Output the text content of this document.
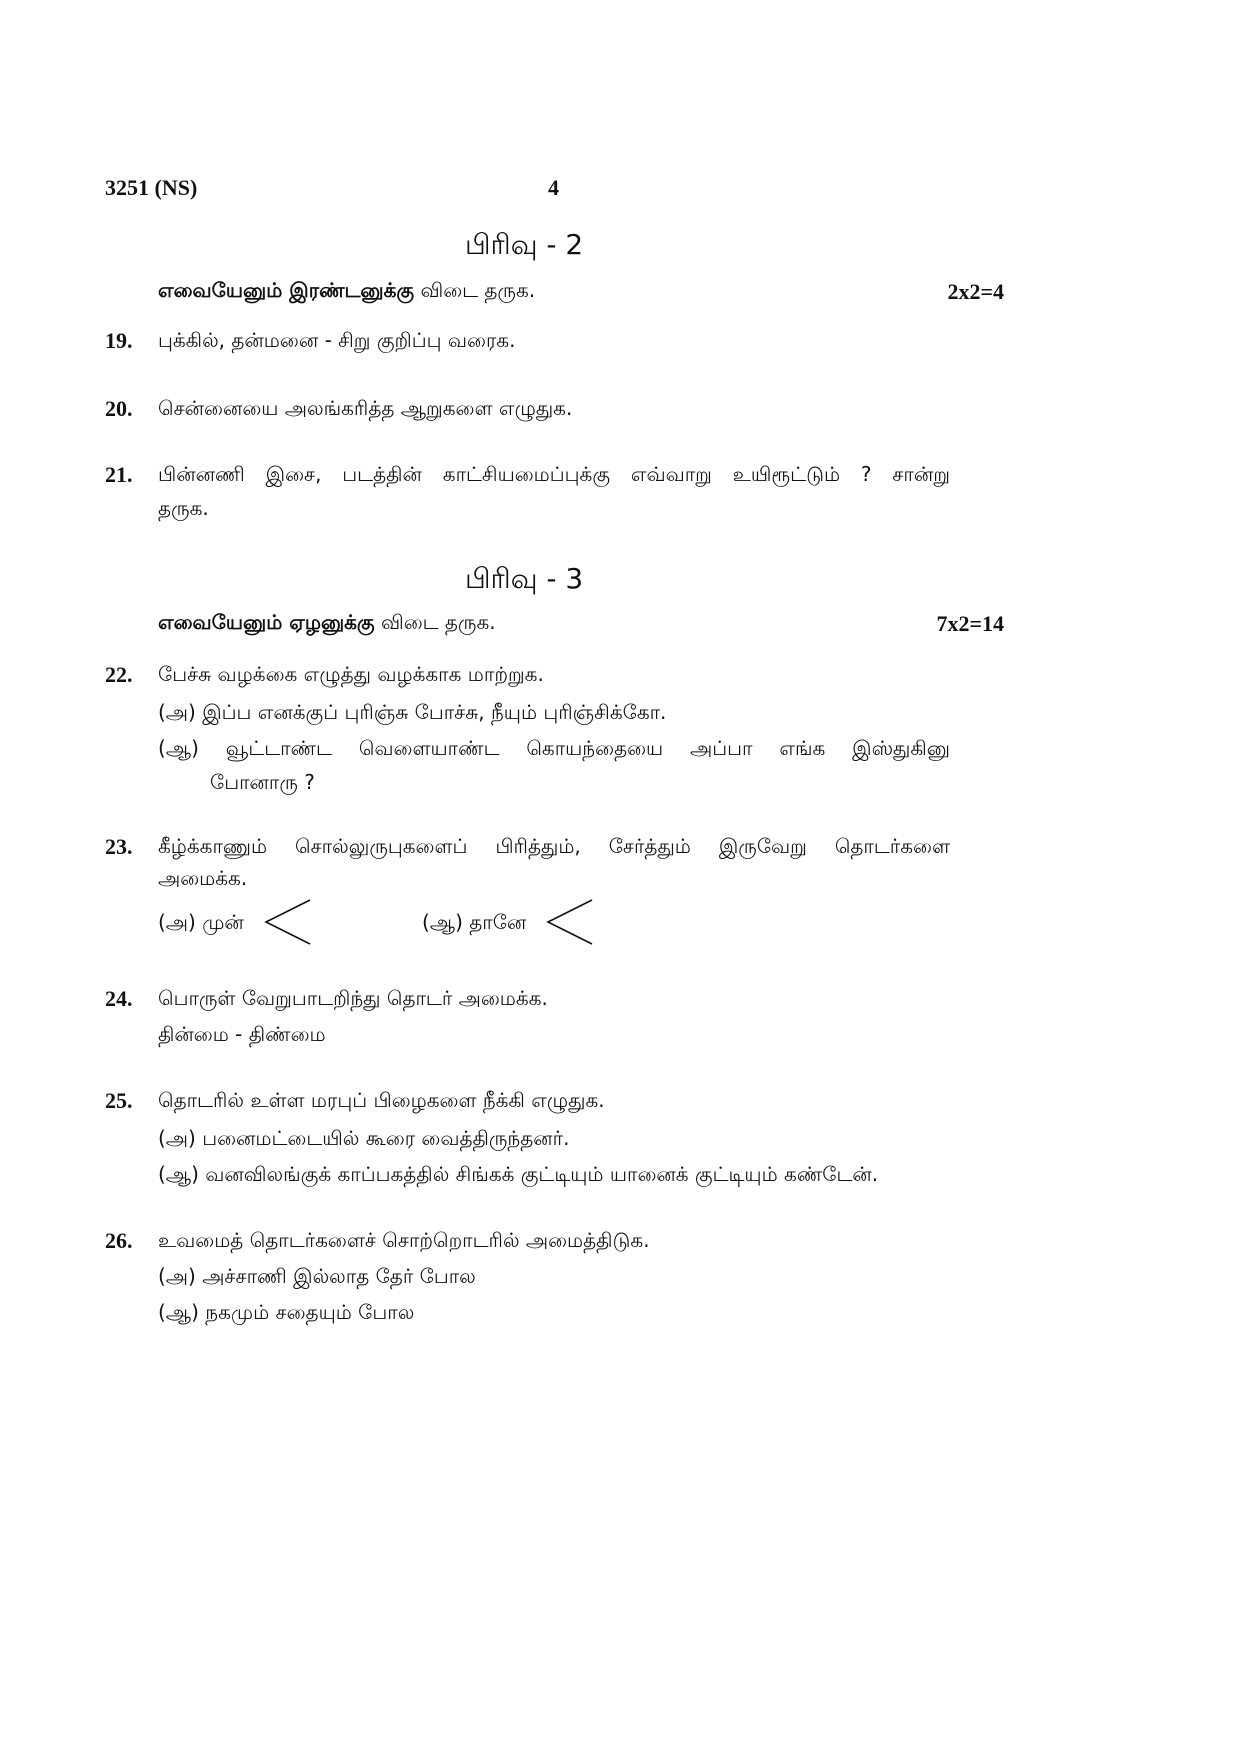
3251 (NS)	4
பிரிவு - 2
எவையேனும் இரண்டனுக்கு விடை தருக.	2x2=4
19. புக்கில், தன்மனை - சிறு குறிப்பு வரைக.
20. சென்னையை அலங்கரித்த ஆறுகளை எழுதுக.
21. பின்னணி இசை, படத்தின் காட்சியமைப்புக்கு எவ்வாறு உயிரூட்டும் ? சான்று
தருக.
பிரிவு - 3
எவையேனும் ஏழனுக்கு விடை தருக.	7x2=14
22. பேச்சு வழக்கை எழுத்து வழக்காக மாற்றுக.
(அ) இப்ப எனக்குப் புரிஞ்சு போச்சு, நீயும் புரிஞ்சிக்கோ.
(ஆ) வூட்டாண்ட வெளையாண்ட கொயந்தையை அப்பா எங்க இஸ்துகினு
போனாரு ?
23. கீழ்க்காணும் சொல்லுருபுகளைப் பிரித்தும், சேர்த்தும் இருவேறு தொடர்களை
அமைக்க.
(அ) முன்	(ஆ) தானே
24. பொருள் வேறுபாடறிந்து தொடர் அமைக்க.
தின்மை - திண்மை
25. தொடரில் உள்ள மரபுப் பிழைகளை நீக்கி எழுதுக.
(அ) பனைமட்டையில் கூரை வைத்திருந்தனர்.
(ஆ) வனவிலங்குக் காப்பகத்தில் சிங்கக் குட்டியும் யானைக் குட்டியும் கண்டேன்.
26. உவமைத் தொடர்களைச் சொற்றொடரில் அமைத்திடுக.
(அ) அச்சாணி இல்லாத தேர் போல
(ஆ) நகமும் சதையும் போல
